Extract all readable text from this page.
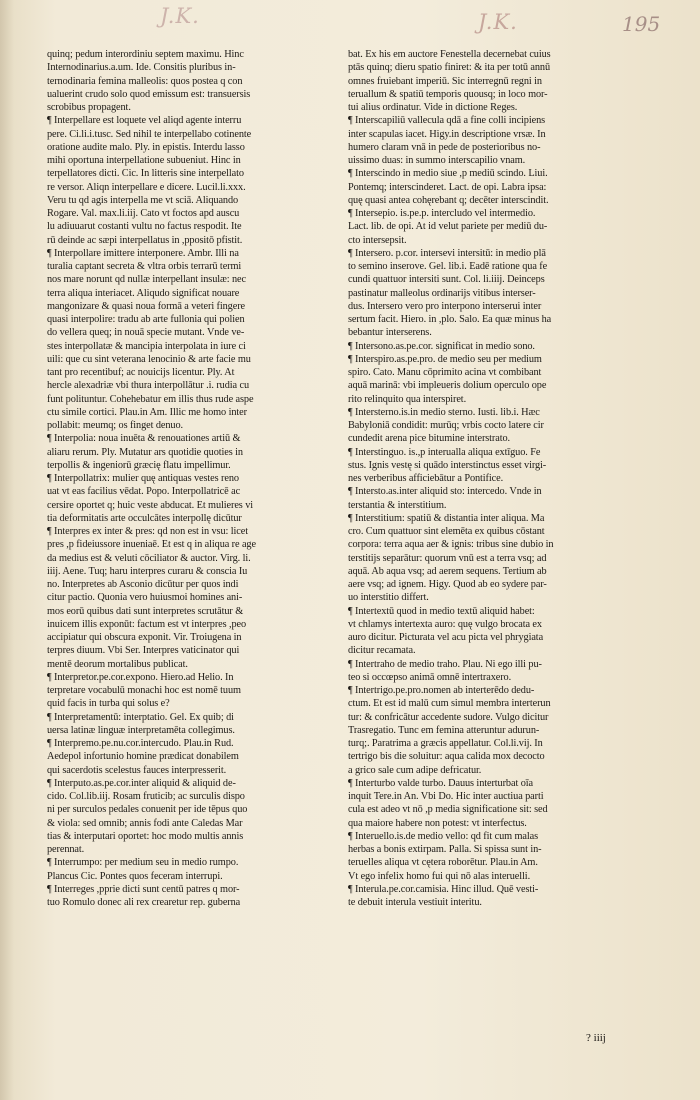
J.K.	J.K.	195
quinq; pedum interordiniu septem maximu. Hinc
Internodinarius.a.um. Ide. Consitis pluribus in-
ternodinaria femina malleolis: quos postea q con
ualuerint crudo solo quod emissum est: transuersis
scrobibus propagent.
¶ Interpellare est loquete vel aliqd agente interru
pere. Ci.li.i.tusc. Sed nihil te interpellabo cotinente
oratione audite malo. Ply. in epistis. Interdu lasso
mihi oportuna interpellatione subueniut. Hinc in
terpellatores dicti. Cic. In litteris sine interpellato
re versor. Aliqn interpellare e dicere. Lucil.li.xxx.
Veru tu qd agis interpella me vt sciā. Aliquando
Rogare. Val. max.li.iij. Cato vt foctos apd auscu
lu adiuuarut costanti vultu no factus respodit. Ite
rū deinde ac sæpi interpellatus in ,ppositō pfistit.
¶ Interpollare imittere interponere. Ambr. Illi na
turalia captant secreta & vltra orbis terrarū termi
nos mare norunt qd nullæ interpellant insulæ: nec
terra aliqua interiacet. Aliqudo significat nouare
mangonizare & quasi noua formā a veteri fingere
quasi interpolire: tradu ab arte fullonia qui polien
do vellera queq; in nouā specie mutant. Vnde ve-
stes interpollatæ & mancipia interpolata in iure ci
uili: que cu sint veterana lenocinio & arte facie mu
tant pro recentibuf; ac nouicijs licentur. Ply. At
hercle alexadriæ vbi thura interpollātur .i. rudia cu
funt polituntur. Cohehebatur em illis thus rude aspe
ctu simile cortici. Plau.in Am. Illic me homo inter
pollabit: meumq; os finget denuo.
¶ Interpolia: noua inuēta & renouationes artiū &
aliaru rerum. Ply. Mutatur ars quotidie quoties in
terpollis & ingeniorū græcię flatu impellimur.
¶ Interpollatrix: mulier quę antiquas vestes reno
uat vt eas facilius vēdat. Popo. Interpollatricē ac
cersire oportet q; huic veste abducat. Et mulieres vi
tia deformitatis arte occulcātes interpollę dicūtur
¶ Interpres ex inter & pres: qd non est in vsu: licet
pres ,p fideiussore inueniaē. Et est q in aliqua re age
da medius est & veluti cōciliator & auctor. Virg. li.
iiij. Aene. Tuq; haru interpres curaru & conscia Iu
no. Interpretes ab Asconio dicūtur per quos indi
citur pactio. Quonia vero huiusmoi homines ani-
mos eorū quibus dati sunt interpretes scrutātur &
inuicem illis exponūt: factum est vt interpres ,peo
accipiatur qui obscura exponit. Vir. Troiugena in
terpres diuum. Vbi Ser. Interpres vaticinator qui
mentē deorum mortalibus publicat.
¶ Interpretor.pe.cor.expono. Hiero.ad Helio. In
terpretare vocabulū monachi hoc est nomē tuum
quid facis in turba qui solus e?
¶ Interpretamentū: interptatio. Gel. Ex quib; di
uersa latinæ linguæ interpretamēta collegimus.
¶ Interpremo.pe.nu.cor.intercudo. Plau.in Rud.
Aedepol infortunio homine prædicat donabilem
qui sacerdotis scelestus fauces interpresserit.
¶ Interputo.as.pe.cor.inter aliquid & aliquid de-
cido. Col.lib.iij. Rosam fruticib; ac surculis dispo
ni per surculos pedales conuenit per ide tēpus quo
& viola: sed omnib; annis fodi ante Caledas Mar
tias & interputari oportet: hoc modo multis annis
perennat.
¶ Interrumpo: per medium seu in medio rumpo.
Plancus Cic. Pontes quos feceram interrupi.
¶ Interreges ,pprie dicti sunt centū patres q mor-
tuo Romulo donec ali rex crearetur rep. guberna
bat. Ex his em auctore Fenestella decernebat cuius
ptās quinq; dieru spatio finiret: & ita per totū annū
omnes fruiebant imperiū. Sic interregnū regni in
teruallum & spatiū temporis quousq; in loco mor-
tui alius ordinatur. Vide in dictione Reges.
¶ Interscapiliū vallecula qdā a fine colli incipiens
inter scapulas iacet. Higy.in descriptione vrsæ. In
humero claram vnā in pede de posterioribus no-
uissimo duas: in summo interscapilio vnam.
¶ Interscindo in medio siue ,p mediū scindo. Liui.
Pontemq; interscinderet. Lact. de opi. Labra ipsa:
quę quasi antea cohęrebant q; decēter interscindit.
¶ Intersepio. is.pe.p. intercludo vel intermedio.
Lact. lib. de opi. At id velut pariete per mediū du-
cto intersepsit.
¶ Intersero. p.cor. intersevi intersitū: in medio plā
to semino inserove. Gel. lib.i. Eadē ratione qua fe
cundi quattuor intersiti sunt. Col. li.iiij. Deinceps
pastinatur malleolus ordinarijs vitibus interser-
dus. Intersero vero pro interpono interserui inter
sertum facit. Hiero. in ,plo. Salo. Ea quæ minus ha
bebantur interserens.
¶ Intersono.as.pe.cor. significat in medio sono.
¶ Interspiro.as.pe.pro. de medio seu per medium
spiro. Cato. Manu cōprimito acina vt combibant
aquā marinā: vbi impleueris dolium operculo ope
rito relinquito qua interspiret.
¶ Intersterno.is.in medio sterno. Iusti. lib.i. Hæc
Babyloniā condidit: murūq; vrbis cocto latere cir
cundedit arena pice bitumine interstrato.
¶ Interstinguo. is.,p interualla aliqua extīguo. Fe
stus. Ignis vestę si quādo interstinctus esset virgi-
nes verberibus afficiebātur a Pontifice.
¶ Intersto.as.inter aliquid sto: intercedo. Vnde in
terstantia & interstitium.
¶ Interstitium: spatiū & distantia inter aliqua. Ma
cro. Cum quattuor sint elemēta ex quibus cōstant
corpora: terra aqua aer & ignis: tribus sine dubio in
terstitijs separātur: quorum vnū est a terra vsq; ad
aquā. Ab aqua vsq; ad aerem sequens. Tertium ab
aere vsq; ad ignem. Higy. Quod ab eo sydere par-
uo interstitio differt.
¶ Intertextū quod in medio textū aliquid habet:
vt chlamys intertexta auro: quę vulgo brocata ex
auro dicitur. Picturata vel acu picta vel phrygiata
dicitur recamata.
¶ Intertraho de medio traho. Plau. Ni ego illi pu-
teo si occœpso animā omnē intertraxero.
¶ Intertrigo.pe.pro.nomen ab interterēdo dedu-
ctum. Et est id malū cum simul membra interterun
tur: & confricātur accedente sudore. Vulgo dicitur
Trasregatio. Tunc em femina atteruntur adurun-
turq;. Paratrima a græcis appellatur. Col.li.vij. In
tertrigo bis die soluitur: aqua calida mox decocto
a grico sale cum adipe defricatur.
¶ Interturbo valde turbo. Dauus interturbat oīa
inquit Tere.in An. Vbi Do. Hic inter auctiua parti
cula est adeo vt nō ,p media significatione sit: sed
qua maiore habere non potest: vt interfectus.
¶ Interuello.is.de medio vello: qd fit cum malas
herbas a bonis extirpam. Palla. Si spissa sunt in-
teruelles aliqua vt cętera roborētur. Plau.in Am.
Vt ego infelix homo fui qui nō alas interuelli.
¶ Interula.pe.cor.camisia. Hinc illud. Quē vesti-
te debuit interula vestiuit interitu.
? iiij
